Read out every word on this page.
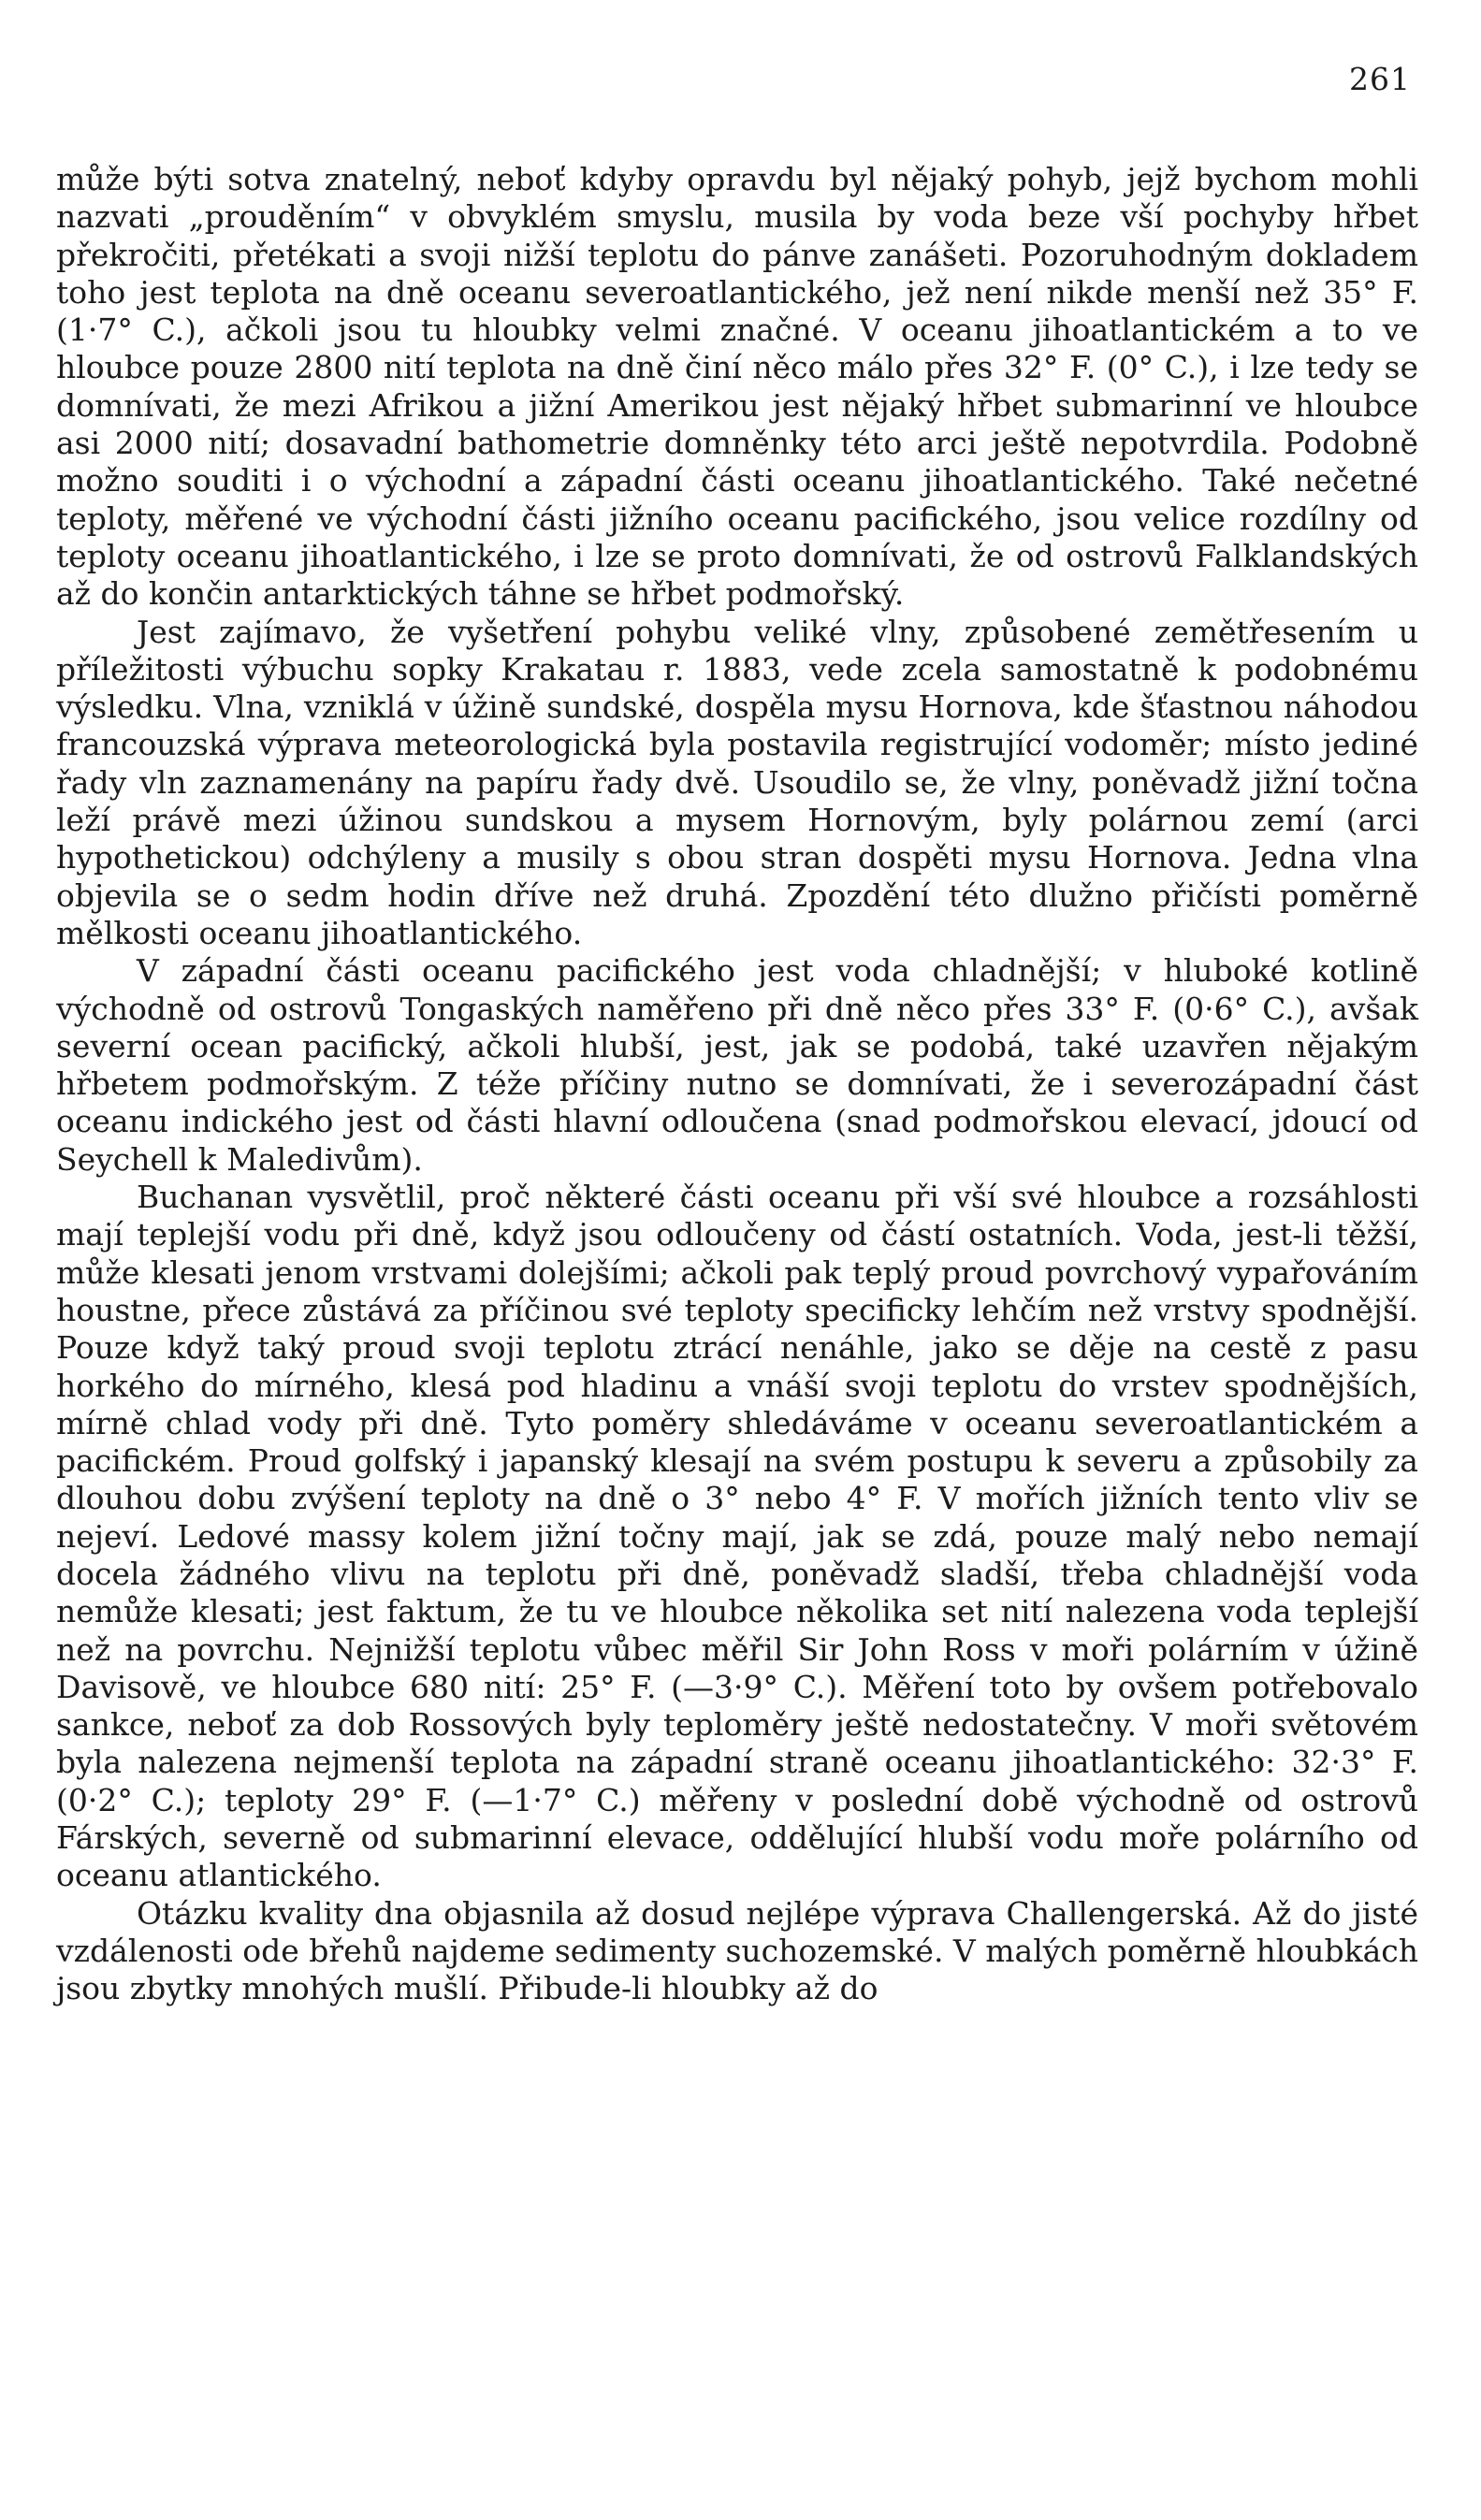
261

může býti sotva znatelný, neboť kdyby opravdu byl nějaký pohyb, jejž bychom mohli nazvati „prouděním“ v obvyklém smyslu, musila by voda beze vší pochyby hřbet překročiti, přetékati a svoji nižší teplotu do pánve zanášeti. Pozoruhodným dokladem toho jest teplota na dně oceanu severoatlantického, jež není nikde menší než 35° F. (1·7° C.), ačkoli jsou tu hloubky velmi značné. V oceanu jihoatlantickém a to ve hloubce pouze 2800 nití teplota na dně činí něco málo přes 32° F. (0° C.), i lze tedy se domnívati, že mezi Afrikou a jižní Amerikou jest nějaký hřbet submarinní ve hloubce asi 2000 nití; dosavadní bathometrie domněnky této arci ještě nepotvrdila. Podobně možno souditi i o východní a západní části oceanu jihoatlantického. Také nečetné teploty, měřené ve východní části jižního oceanu pacifického, jsou velice rozdílny od teploty oceanu jihoatlantického, i lze se proto domnívati, že od ostrovů Falklandských až do končin antarktických táhne se hřbet podmořský.

Jest zajímavo, že vyšetření pohybu veliké vlny, způsobené zemětřesením u příležitosti výbuchu sopky Krakatau r. 1883, vede zcela samostatně k podobnému výsledku. Vlna, vzniklá v úžině sundské, dospěla mysu Hornova, kde šťastnou náhodou francouzská výprava meteorologická byla postavila registrující vodoměr; místo jediné řady vln zaznamenány na papíru řady dvě. Usoudilo se, že vlny, poněvadž jižní točna leží právě mezi úžinou sundskou a mysem Hornovým, byly polárnou zemí (arci hypothetickou) odchýleny a musily s obou stran dospěti mysu Hornova. Jedna vlna objevila se o sedm hodin dříve než druhá. Zpozdění této dlužno přičísti poměrně mělkosti oceanu jihoatlantického.

V západní části oceanu pacifického jest voda chladnější; v hluboké kotlině východně od ostrovů Tongaských naměřeno při dně něco přes 33° F. (0·6° C.), avšak severní ocean pacifický, ačkoli hlubší, jest, jak se podobá, také uzavřen nějakým hřbetem podmořským. Z téže příčiny nutno se domnívati, že i severozápadní část oceanu indického jest od části hlavní odloučena (snad podmořskou elevací, jdoucí od Seychell k Maledivům).

Buchanan vysvětlil, proč některé části oceanu při vší své hloubce a rozsáhlosti mají teplejší vodu při dně, když jsou odloučeny od částí ostatních. Voda, jest-li těžší, může klesati jenom vrstvami dolejšími; ačkoli pak teplý proud povrchový vypařováním houstne, přece zůstává za příčinou své teploty specificky lehčím než vrstvy spodnější. Pouze když taký proud svoji teplotu ztrácí nenáhle, jako se děje na cestě z pasu horkého do mírného, klesá pod hladinu a vnáší svoji teplotu do vrstev spodnějších, mírně chlad vody při dně. Tyto poměry shledáváme v oceanu severoatlantickém a pacifickém. Proud golfský i japanský klesají na svém postupu k severu a způsobily za dlouhou dobu zvýšení teploty na dně o 3° nebo 4° F. V mořích jižních tento vliv se nejeví. Ledové massy kolem jižní točny mají, jak se zdá, pouze malý nebo nemají docela žádného vlivu na teplotu při dně, poněvadž sladší, třeba chladnější voda nemůže klesati; jest faktum, že tu ve hloubce několika set nití nalezena voda teplejší než na povrchu. Nejnižší teplotu vůbec měřil Sir John Ross v moři polárním v úžině Davisově, ve hloubce 680 nití: 25° F. (—3·9° C.). Měření toto by ovšem potřebovalo sankce, neboť za dob Rossových byly teploměry ještě nedostatečny. V moři světovém byla nalezena nejmenší teplota na západní straně oceanu jihoatlantického: 32·3° F. (0·2° C.); teploty 29° F. (—1·7° C.) měřeny v poslední době východně od ostrovů Fárských, severně od submarinní elevace, oddělující hlubší vodu moře polárního od oceanu atlantického.

Otázku kvality dna objasnila až dosud nejlépe výprava Challengerská. Až do jisté vzdálenosti ode břehů najdeme sedimenty suchozemské. V malých poměrně hloubkách jsou zbytky mnohých mušlí. Přibude-li hloubky až do
